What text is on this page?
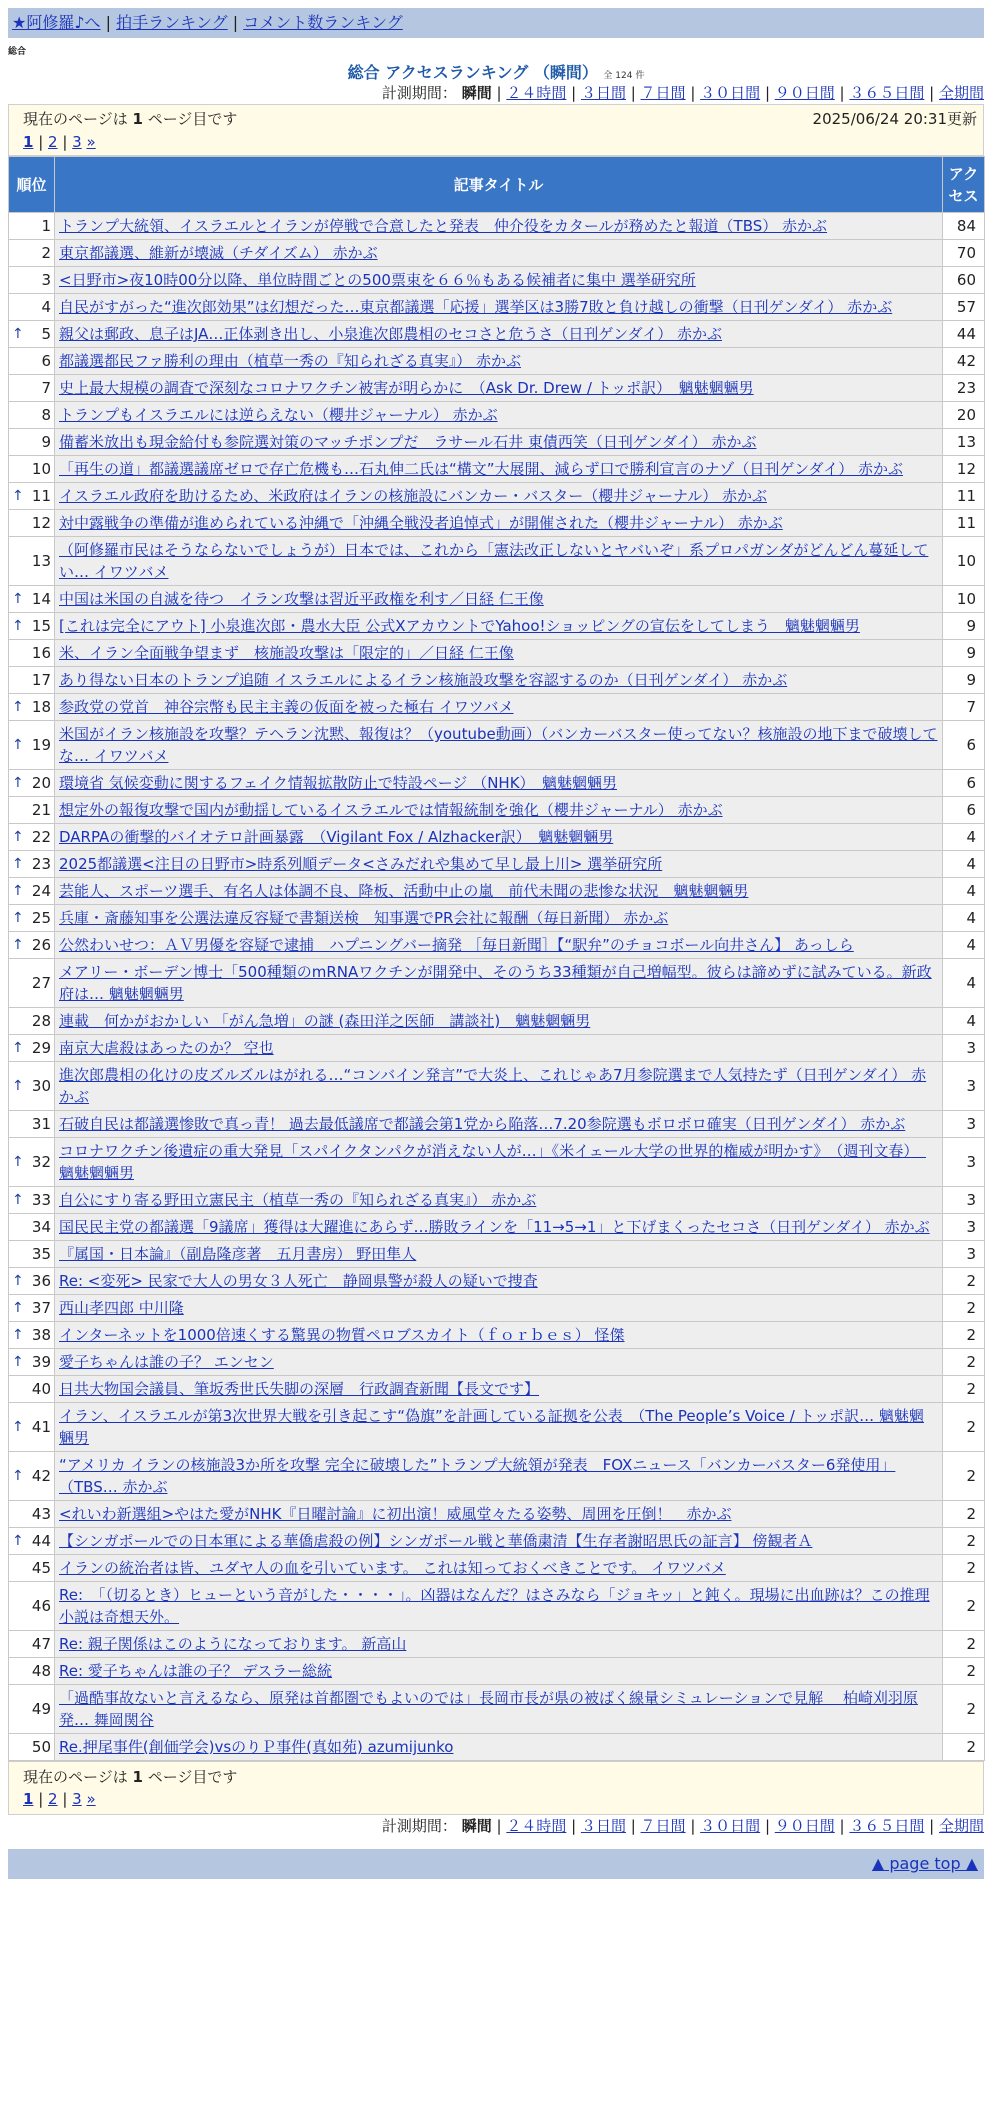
★阿修羅♪へ | 拍手ランキング | コメント数ランキング
総合
総合 アクセスランキング （瞬間） 全 124 件
計測期間： 瞬間 | ２４時間 | ３日間 | ７日間 | ３０日間 | ９０日間 | ３６５日間 | 全期間
現在のページは 1 ページ目です	2025/06/24 20:31更新
1 | 2 | 3 »
順位	記事タイトル	アクセス
1	トランプ大統領、イスラエルとイランが停戦で合意したと発表　仲介役をカタールが務めたと報道（TBS） 赤かぶ	84
2	東京都議選、維新が壊滅（チダイズム） 赤かぶ	70
3	<日野市>夜10時00分以降、単位時間ごとの500票束を６６％もある候補者に集中 選挙研究所	60
4	自民がすがった“進次郎効果”は幻想だった…東京都議選「応援」選挙区は3勝7敗と負け越しの衝撃（日刊ゲンダイ） 赤かぶ	57

↑ 5	親父は郵政、息子はJA…正体剥き出し、小泉進次郎農相のセコさと危うさ（日刊ゲンダイ） 赤かぶ	44
6	都議選都民ファ勝利の理由（植草一秀の『知られざる真実』） 赤かぶ	42
7	史上最大規模の調査で深刻なコロナワクチン被害が明らかに　（Ask Dr. Drew / トッポ訳）　魑魅魍魎男	23
8	トランプもイスラエルには逆らえない（櫻井ジャーナル） 赤かぶ	20
9	備蓄米放出も現金給付も参院選対策のマッチポンプだ　ラサール石井 東債西笑（日刊ゲンダイ） 赤かぶ	13
10	「再生の道」都議選議席ゼロで存亡危機も…石丸伸二氏は“構文”大展開、減らず口で勝利宣言のナゾ（日刊ゲンダイ） 赤かぶ	12

↑ 11	イスラエル政府を助けるため、米政府はイランの核施設にバンカー・バスター（櫻井ジャーナル） 赤かぶ	11
12	対中露戦争の準備が進められている沖縄で「沖縄全戦没者追悼式」が開催された（櫻井ジャーナル） 赤かぶ	11
13	（阿修羅市民はそうならないでしょうが）日本では、これから「憲法改正しないとヤバいぞ」系プロパガンダがどんどん蔓延してい… イワツバメ	10

↑ 14	中国は米国の自滅を待つ　イラン攻撃は習近平政権を利す／日経 仁王像	10

↑ 15	[これは完全にアウト] 小泉進次郎・農水大臣 公式XアカウントでYahoo!ショッピングの宣伝をしてしまう　魑魅魍魎男	9
16	米、イラン全面戦争望まず　核施設攻撃は「限定的」／日経 仁王像	9
17	あり得ない日本のトランプ追随 イスラエルによるイラン核施設攻撃を容認するのか（日刊ゲンダイ） 赤かぶ	9

↑ 18	参政党の党首　神谷宗幣も民主主義の仮面を被った極右 イワツバメ	7

↑ 19	米国がイラン核施設を攻撃？テヘラン沈黙、報復は？（youtube動画）（バンカーバスター使ってない？核施設の地下まで破壊してな… イワツバメ	6

↑ 20	環境省 気候変動に関するフェイク情報拡散防止で特設ページ （NHK）　魑魅魍魎男	6
21	想定外の報復攻撃で国内が動揺しているイスラエルでは情報統制を強化（櫻井ジャーナル） 赤かぶ	6

↑ 22	DARPAの衝撃的バイオテロ計画暴露　（Vigilant Fox / Alzhacker訳）　魑魅魍魎男	4

↑ 23	2025都議選<注目の日野市>時系列順データ<さみだれや集めて早し最上川> 選挙研究所	4

↑ 24	芸能人、スポーツ選手、有名人は体調不良、降板、活動中止の嵐　前代未聞の悲惨な状況　魑魅魍魎男	4

↑ 25	兵庫・斎藤知事を公選法違反容疑で書類送検　知事選でPR会社に報酬（毎日新聞） 赤かぶ	4

↑ 26	公然わいせつ：ＡＶ男優を容疑で逮捕　ハプニングバー摘発 ［毎日新聞］【“駅弁”のチョコボール向井さん】 あっしら	4
27	メアリー・ボーデン博士「500種類のmRNAワクチンが開発中、そのうち33種類が自己増幅型。彼らは諦めずに試みている。新政府は… 魑魅魍魎男	4
28	連載　何かがおかしい 「がん急増」の謎 (森田洋之医師　講談社)　魑魅魍魎男	4

↑ 29	南京大虐殺はあったのか？ 空也	3

↑ 30	進次郎農相の化けの皮ズルズルはがれる…“コンバイン発言”で大炎上、これじゃあ7月参院選まで人気持たず（日刊ゲンダイ） 赤かぶ	3
31	石破自民は都議選惨敗で真っ青！ 過去最低議席で都議会第1党から陥落…7.20参院選もボロボロ確実（日刊ゲンダイ） 赤かぶ	3

↑ 32	コロナワクチン後遺症の重大発見「スパイクタンパクが消えない人が…」《米イェール大学の世界的権威が明かす》　（週刊文春）　魑魅魍魎男	3

↑ 33	自公にすり寄る野田立憲民主（植草一秀の『知られざる真実』） 赤かぶ	3
34	国民民主党の都議選「9議席」獲得は大躍進にあらず…勝敗ラインを「11→5→1」と下げまくったセコさ（日刊ゲンダイ） 赤かぶ	3
35	『属国・日本論』（副島隆彦著　五月書房） 野田隼人	3

↑ 36	Re: <変死> 民家で大人の男女３人死亡　静岡県警が殺人の疑いで捜査	2

↑ 37	西山孝四郎 中川隆	2

↑ 38	インターネットを1000倍速くする驚異の物質ペロブスカイト（ｆｏｒｂｅｓ） 怪傑	2

↑ 39	愛子ちゃんは誰の子？ エンセン	2
40	日共大物国会議員、筆坂秀世氏失脚の深層　行政調査新聞【長文です】	2

↑ 41	イラン、イスラエルが第3次世界大戦を引き起こす“偽旗”を計画している証拠を公表　（The People’s Voice / トッポ訳… 魑魅魍魎男	2

↑ 42	“アメリカ イランの核施設3か所を攻撃 完全に破壊した”トランプ大統領が発表　FOXニュース「バンカーバスター6発使用」（TBS… 赤かぶ	2
43	<れいわ新選組>やはた愛がNHK『日曜討論』に初出演！威風堂々たる姿勢、周囲を圧倒！　赤かぶ	2

↑ 44	【シンガポールでの日本軍による華僑虐殺の例】シンガポール戦と華僑粛清【生存者謝昭思氏の証言】 傍観者Ａ	2
45	イランの統治者は皆、ユダヤ人の血を引いています。 これは知っておくべきことです。 イワツバメ	2
46	Re:　「（切るとき）ヒューという音がした・・・・」。凶器はなんだ？はさみなら「ジョキッ」と鈍く。現場に出血跡は？この推理小説は奇想天外。	2
47	Re: 親子関係はこのようになっております。 新高山	2
48	Re: 愛子ちゃんは誰の子？ デスラー総統	2
49	「過酷事故ないと言えるなら、原発は首都圏でもよいのでは」長岡市長が県の被ばく線量シミュレーションで見解　 柏崎刈羽原発… 舞岡関谷	2
50	Re.押尾事件(創価学会)vsのりＰ事件(真如苑) azumijunko	2
現在のページは 1 ページ目です
1 | 2 | 3 »
計測期間： 瞬間 | ２４時間 | ３日間 | ７日間 | ３０日間 | ９０日間 | ３６５日間 | 全期間
▲ page top ▲
